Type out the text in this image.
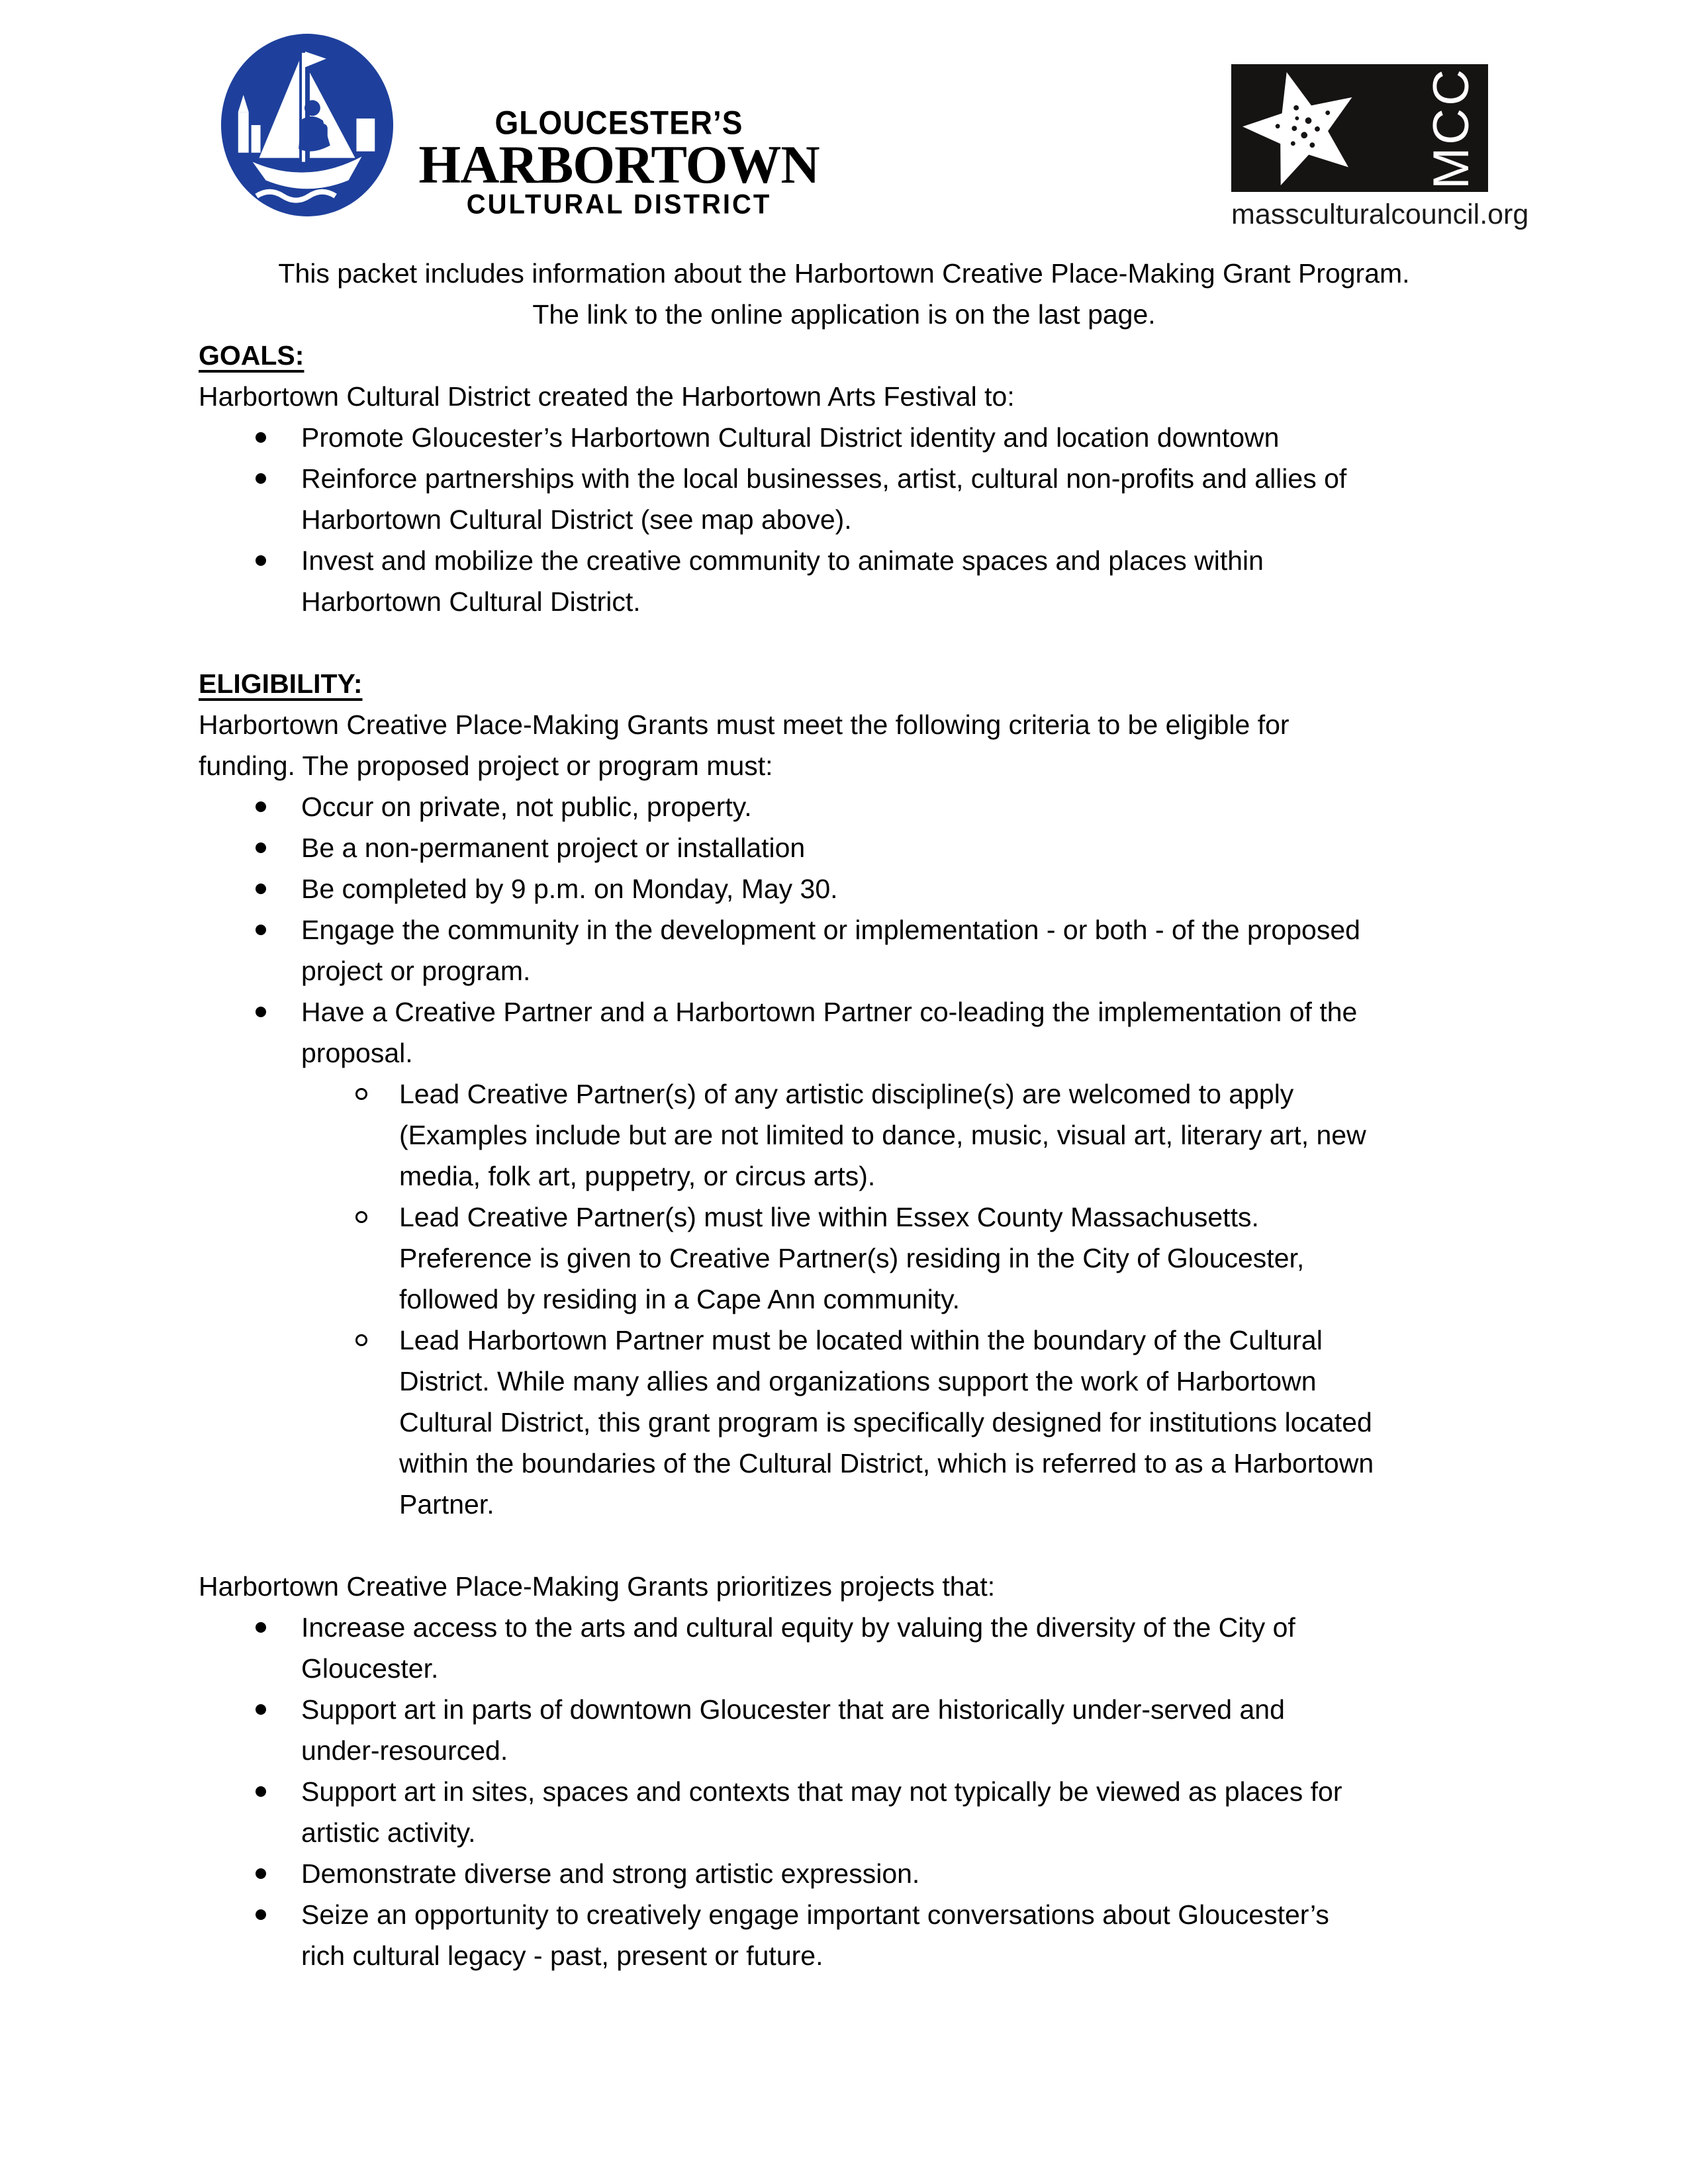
GLOUCESTER’S
HARBORTOWN
CULTURAL DISTRICT
MCC
massculturalcouncil.org
This packet includes information about the Harbortown Creative Place-Making Grant Program.
The link to the online application is on the last page.
GOALS:
Harbortown Cultural District created the Harbortown Arts Festival to:
Promote Gloucester’s Harbortown Cultural District identity and location downtown
Reinforce partnerships with the local businesses, artist, cultural non-profits and allies of
Harbortown Cultural District (see map above).
Invest and mobilize the creative community to animate spaces and places within
Harbortown Cultural District.
ELIGIBILITY:
Harbortown Creative Place-Making Grants must meet the following criteria to be eligible for
funding. The proposed project or program must:
Occur on private, not public, property.
Be a non-permanent project or installation
Be completed by 9 p.m. on Monday, May 30.
Engage the community in the development or implementation - or both - of the proposed
project or program.
Have a Creative Partner and a Harbortown Partner co-leading the implementation of the
proposal.
Lead Creative Partner(s) of any artistic discipline(s) are welcomed to apply
(Examples include but are not limited to dance, music, visual art, literary art, new
media, folk art, puppetry, or circus arts).
Lead Creative Partner(s) must live within Essex County Massachusetts.
Preference is given to Creative Partner(s) residing in the City of Gloucester,
followed by residing in a Cape Ann community.
Lead Harbortown Partner must be located within the boundary of the Cultural
District. While many allies and organizations support the work of Harbortown
Cultural District, this grant program is specifically designed for institutions located
within the boundaries of the Cultural District, which is referred to as a Harbortown
Partner.
Harbortown Creative Place-Making Grants prioritizes projects that:
Increase access to the arts and cultural equity by valuing the diversity of the City of
Gloucester.
Support art in parts of downtown Gloucester that are historically under-served and
under-resourced.
Support art in sites, spaces and contexts that may not typically be viewed as places for
artistic activity.
Demonstrate diverse and strong artistic expression.
Seize an opportunity to creatively engage important conversations about Gloucester’s
rich cultural legacy - past, present or future.
